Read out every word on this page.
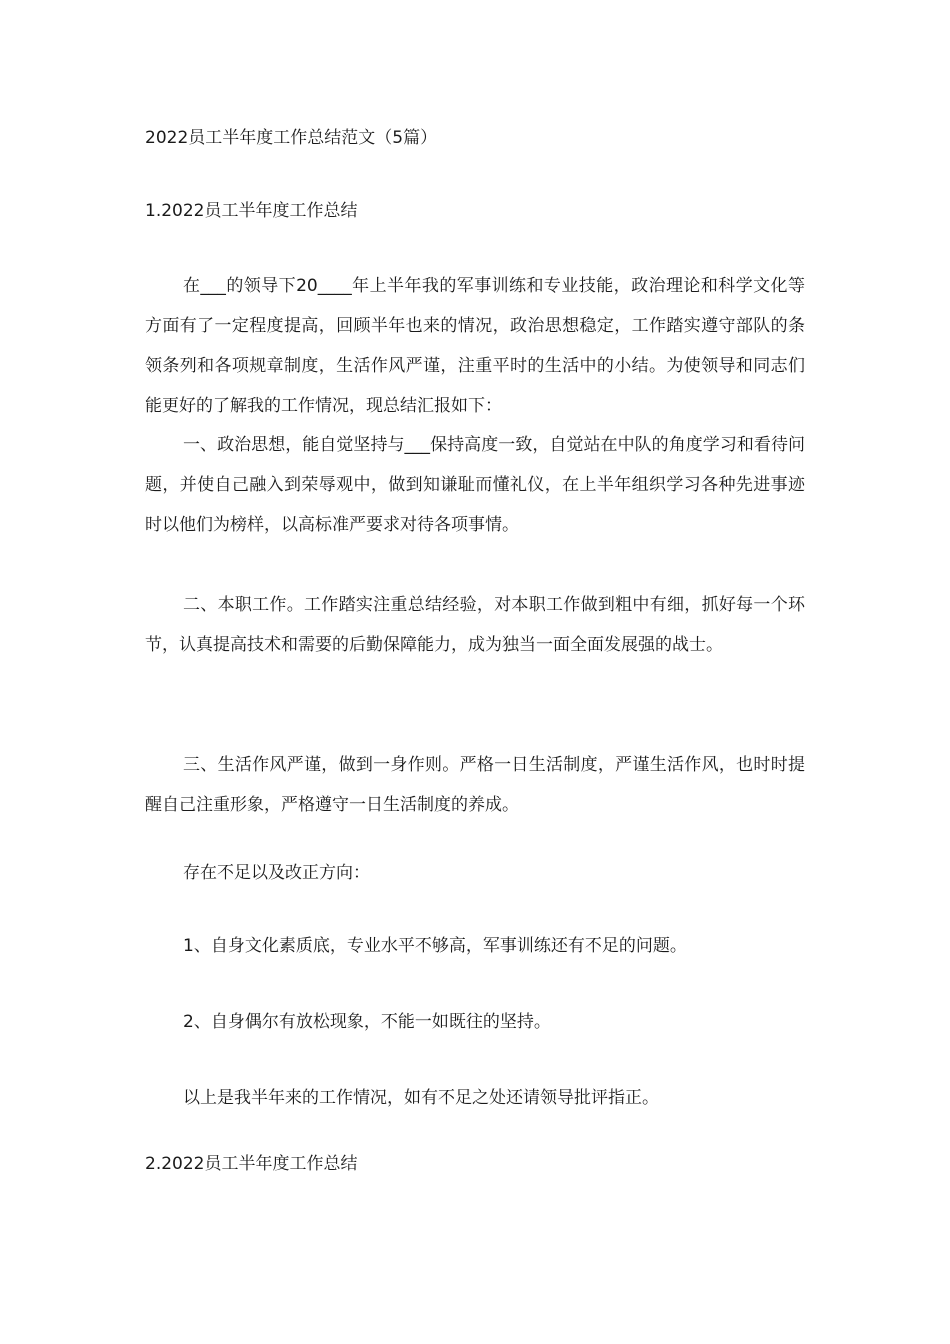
2022员工半年度工作总结范文（5篇）
1.2022员工半年度工作总结

在___的领导下20____年上半年我的军事训练和专业技能，政治理论和科学文化等方面有了一定程度提高，回顾半年也来的情况，政治思想稳定，工作踏实遵守部队的条领条列和各项规章制度，生活作风严谨，注重平时的生活中的小结。为使领导和同志们能更好的了解我的工作情况，现总结汇报如下：

一、政治思想，能自觉坚持与___保持高度一致，自觉站在中队的角度学习和看待问题，并使自己融入到荣辱观中，做到知谦耻而懂礼仪，在上半年组织学习各种先进事迹时以他们为榜样，以高标准严要求对待各项事情。

二、本职工作。工作踏实注重总结经验，对本职工作做到粗中有细，抓好每一个环节，认真提高技术和需要的后勤保障能力，成为独当一面全面发展强的战士。

三、生活作风严谨，做到一身作则。严格一日生活制度，严谨生活作风，也时时提醒自己注重形象，严格遵守一日生活制度的养成。

存在不足以及改正方向：

1、自身文化素质底，专业水平不够高，军事训练还有不足的问题。

2、自身偶尔有放松现象，不能一如既往的坚持。

以上是我半年来的工作情况，如有不足之处还请领导批评指正。

2.2022员工半年度工作总结
